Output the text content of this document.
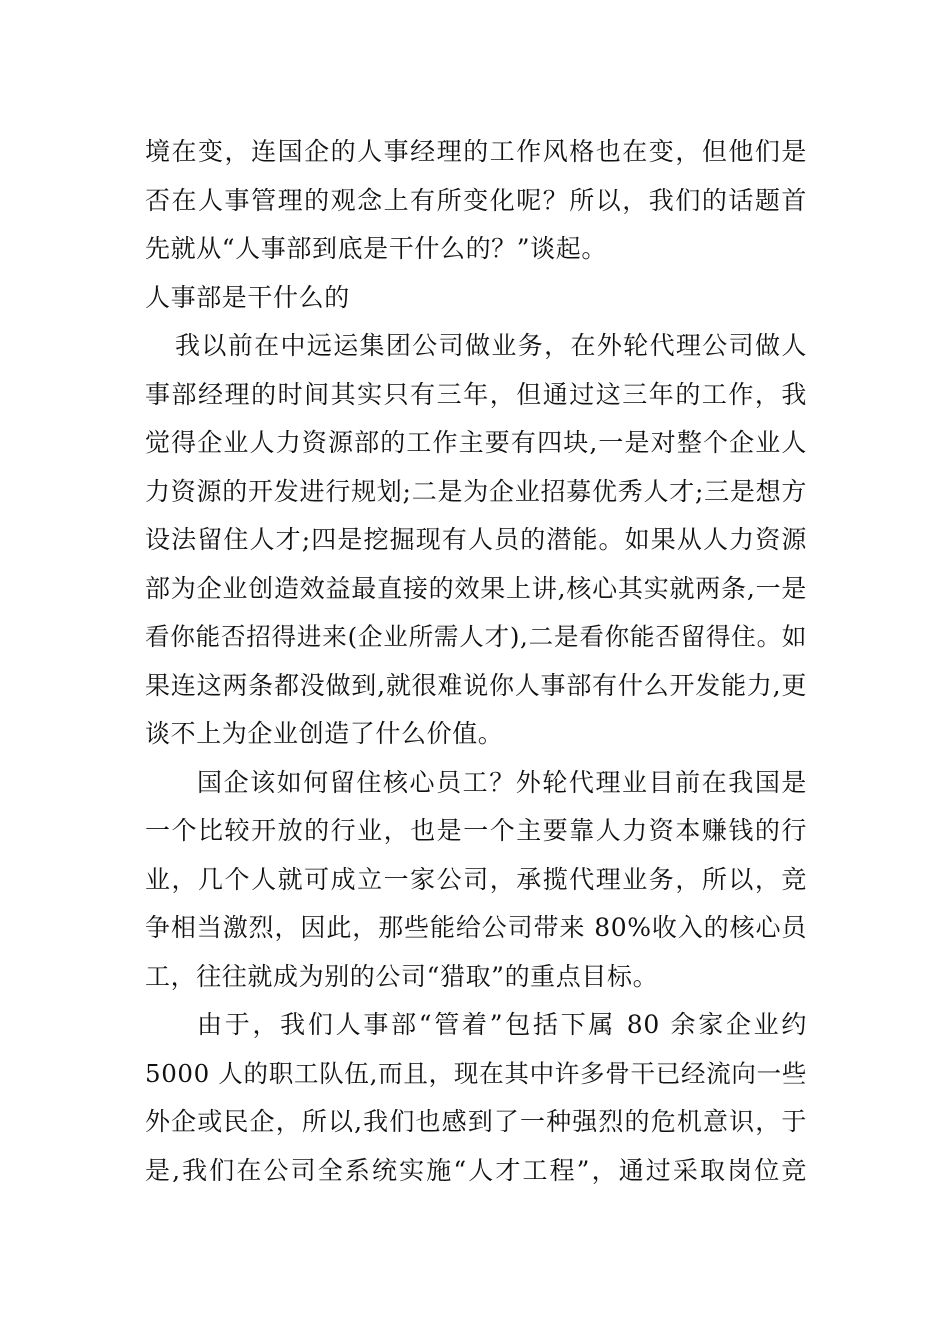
境在变，连国企的人事经理的工作风格也在变，但他们是
否在人事管理的观念上有所变化呢？所以，我们的话题首
先就从“人事部到底是干什么的？”谈起。
人事部是干什么的
我以前在中远运集团公司做业务，在外轮代理公司做人
事部经理的时间其实只有三年，但通过这三年的工作，我
觉得企业人力资源部的工作主要有四块,一是对整个企业人
力资源的开发进行规划;二是为企业招募优秀人才;三是想方
设法留住人才;四是挖掘现有人员的潜能。如果从人力资源
部为企业创造效益最直接的效果上讲,核心其实就两条,一是
看你能否招得进来(企业所需人才),二是看你能否留得住。如
果连这两条都没做到,就很难说你人事部有什么开发能力,更
谈不上为企业创造了什么价值。
国企该如何留住核心员工？外轮代理业目前在我国是
一个比较开放的行业，也是一个主要靠人力资本赚钱的行
业，几个人就可成立一家公司，承揽代理业务，所以，竞
争相当激烈，因此，那些能给公司带来 80%收入的核心员
工，往往就成为别的公司“猎取”的重点目标。
由于，我们人事部“管着”包括下属 80 余家企业约
5000 人的职工队伍,而且，现在其中许多骨干已经流向一些
外企或民企，所以,我们也感到了一种强烈的危机意识，于
是,我们在公司全系统实施“人才工程”，通过采取岗位竞
